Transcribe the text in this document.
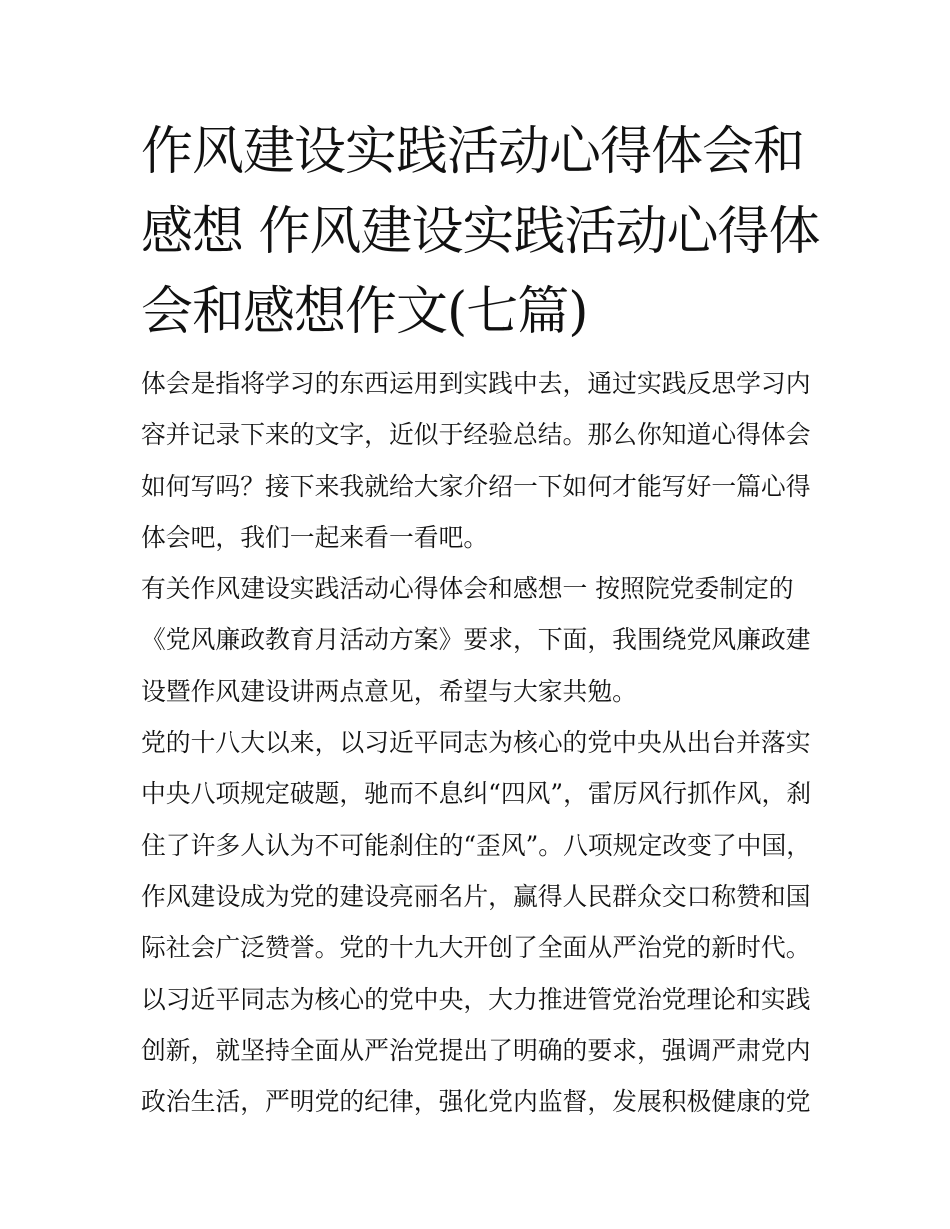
作风建设实践活动心得体会和
感想 作风建设实践活动心得体
会和感想作文(七篇)

体会是指将学习的东西运用到实践中去，通过实践反思学习内
容并记录下来的文字，近似于经验总结。那么你知道心得体会
如何写吗？接下来我就给大家介绍一下如何才能写好一篇心得
体会吧，我们一起来看一看吧。

有关作风建设实践活动心得体会和感想一 按照院党委制定的
《党风廉政教育月活动方案》要求，下面，我围绕党风廉政建
设暨作风建设讲两点意见，希望与大家共勉。

党的十八大以来，以习近平同志为核心的党中央从出台并落实
中央八项规定破题，驰而不息纠“四风”，雷厉风行抓作风，刹
住了许多人认为不可能刹住的“歪风”。八项规定改变了中国，
作风建设成为党的建设亮丽名片，赢得人民群众交口称赞和国
际社会广泛赞誉。党的十九大开创了全面从严治党的新时代。
以习近平同志为核心的党中央，大力推进管党治党理论和实践
创新，就坚持全面从严治党提出了明确的要求，强调严肃党内
政治生活，严明党的纪律，强化党内监督，发展积极健康的党
